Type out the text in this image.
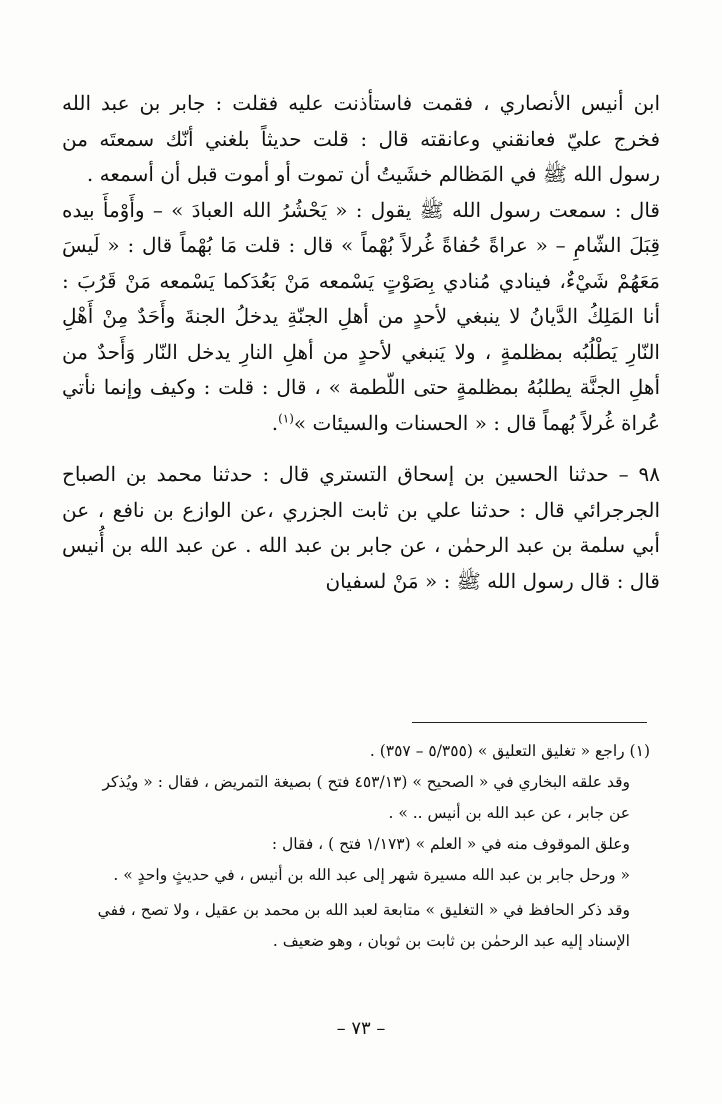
ابن أنيس الأنصاري ، فقمت فاستأذنت عليه فقلت : جابر بن عبد الله فخرج عليّ فعانقني وعانقته قال : قلت حديثاً بلغني أنّك سمعتَه من رسول الله ﷺ في المَظالم خشَيتُ أن تموت أو أموت قبل أن أسمعه .

قال : سمعت رسول الله ﷺ يقول : « يَحْشُرُ الله العبادَ » – وأَوْمأَ بيده قِبَلَ الشّامِ – « عراةً حُفاةً غُرلاً بُهْماً » قال : قلت مَا بُهْماً قال : « لَيسَ مَعَهُمْ شَيْءٌ، فينادي مُنادي بِصَوْتٍ يَسْمعه مَنْ بَعُدَكما يَسْمعه مَنْ قَرُبَ : أنا المَلِكُ الدَّيانُ لا ينبغي لأحدٍ من أهلِ الجنّةِ يدخلُ الجنةَ وأَحَدٌ مِنْ أَهْلِ النّارِ يَطْلُبُه بمظلمةٍ ، ولا يَنبغي لأحدٍ من أهلِ النارِ يدخل النّار وَأَحدٌ من أهلِ الجنَّة يطلبُهُ بمظلمةٍ حتى اللّطمة » ، قال : قلت : وكيف وإنما نأتي عُراة غُرلاً بُهماً قال : « الحسنات والسيئات »$^{(١)}$.

٩٨ – حدثنا الحسين بن إسحاق التستري قال : حدثنا محمد بن الصباح الجرجرائي قال : حدثنا علي بن ثابت الجزري ،عن الوازع بن نافع ، عن أبي سلمة بن عبد الرحمٰن ، عن جابر بن عبد الله . عن عبد الله بن أُنيس قال : قال رسول الله ﷺ : « مَنْ لسفيان

(١) راجع « تغليق التعليق » (٥/٣٥٥ – ٣٥٧) .

وقد علقه البخاري في « الصحيح » (٤٥٣/١٣ فتح ) بصيغة التمريض ، فقال : « ويُذكر عن جابر ، عن عبد الله بن أنيس .. » .

وعلق الموقوف منه في « العلم » (١/١٧٣ فتح ) ، فقال :

« ورحل جابر بن عبد الله مسيرة شهر إلى عبد الله بن أنيس ، في حديثٍ واحدٍ » .

وقد ذكر الحافظ في « التغليق » متابعة لعبد الله بن محمد بن عقيل ، ولا تصح ، ففي الإسناد إليه عبد الرحمٰن بن ثابت بن ثوبان ، وهو ضعيف .

– ٧٣ –
